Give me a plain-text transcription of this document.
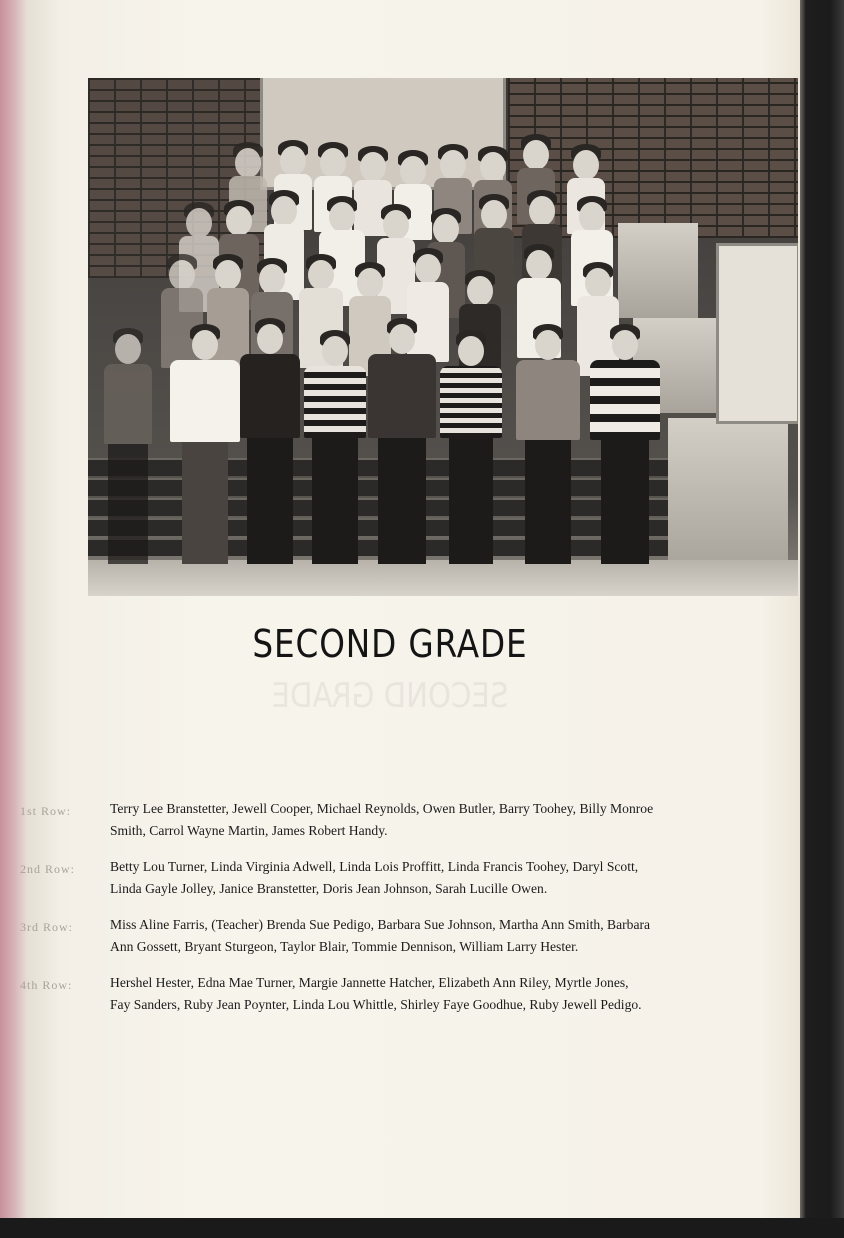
SECOND GRADE
SECOND GRADE
1st Row:	Terry Lee Branstetter, Jewell Cooper, Michael Reynolds, Owen Butler, Barry Toohey, Billy Monroe

Smith, Carrol Wayne Martin, James Robert Handy.

2nd Row:	Betty Lou Turner, Linda Virginia Adwell, Linda Lois Proffitt, Linda Francis Toohey, Daryl Scott,

Linda Gayle Jolley, Janice Branstetter, Doris Jean Johnson, Sarah Lucille Owen.

3rd Row:	Miss Aline Farris, (Teacher) Brenda Sue Pedigo, Barbara Sue Johnson, Martha Ann Smith, Barbara

Ann Gossett, Bryant Sturgeon, Taylor Blair, Tommie Dennison, William Larry Hester.

4th Row:	Hershel Hester, Edna Mae Turner, Margie Jannette Hatcher, Elizabeth Ann Riley, Myrtle Jones,

Fay Sanders, Ruby Jean Poynter, Linda Lou Whittle, Shirley Faye Goodhue, Ruby Jewell Pedigo.
